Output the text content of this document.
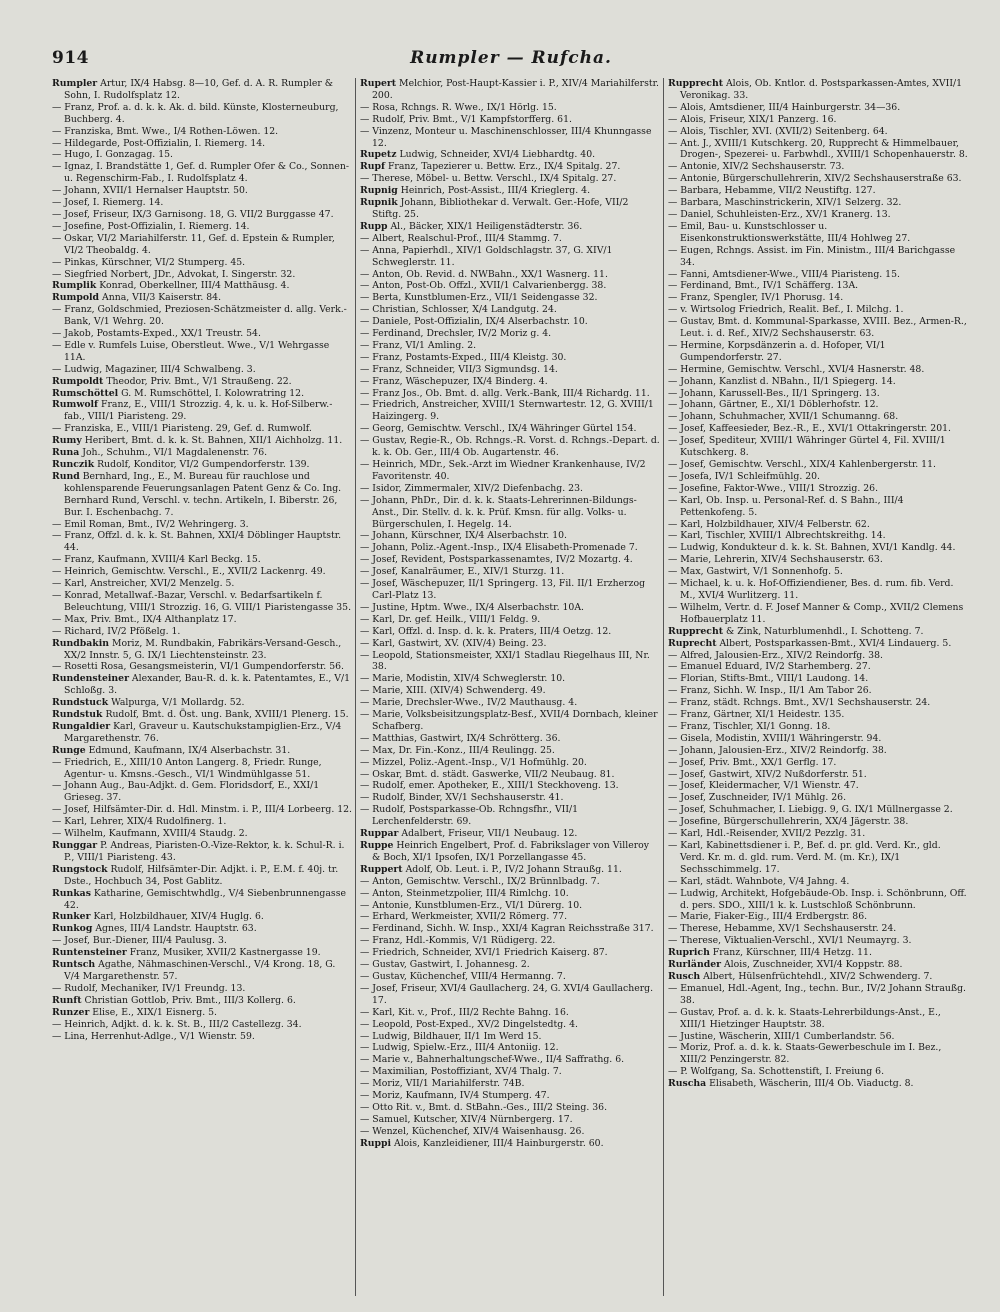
914	Rumpler — Rufcha.
Rumpler Artur, IX/4 Habsg. 8—10, Gef. d. A. R. Rumpler & Sohn, I. Rudolfsplatz 12.
— Franz, Prof. a. d. k. k. Ak. d. bild. Künste, Klosterneuburg, Buchberg. 4.
— Franziska, Bmt. Wwe., I/4 Rothen-Löwen. 12.
— Hildegarde, Post-Offizialin, I. Riemerg. 14.
— Hugo, I. Gonzagag. 15.
— Ignaz, I. Brandstätte 1, Gef. d. Rumpler Ofer & Co., Sonnen- u. Regenschirm-Fab., I. Rudolfsplatz 4.
— Johann, XVII/1 Hernalser Hauptstr. 50.
— Josef, I. Riemerg. 14.
— Josef, Friseur, IX/3 Garnisong. 18, G. VII/2 Burggasse 47.
— Josefine, Post-Offizialin, I. Riemerg. 14.
— Oskar, VI/2 Mariahilferstr. 11, Gef. d. Epstein & Rumpler, VI/2 Theobaldg. 4.
— Pinkas, Kürschner, VI/2 Stumperg. 45.
— Siegfried Norbert, JDr., Advokat, I. Singerstr. 32.
Rumplik Konrad, Oberkellner, III/4 Matthäusg. 4.
Rumpold Anna, VII/3 Kaiserstr. 84.
— Franz, Goldschmied, Preziosen-Schätzmeister d. allg. Verk.-Bank, V/1 Wehrg. 20.
— Jakob, Postamts-Exped., XX/1 Treustr. 54.
— Edle v. Rumfels Luise, Oberstleut. Wwe., V/1 Wehrgasse 11A.
— Ludwig, Magaziner, III/4 Schwalbeng. 3.
Rumpoldt Theodor, Priv. Bmt., V/1 Straußeng. 22.
Rumschöttel G. M. Rumschöttel, I. Kolowratring 12.
Rumwolf Franz, E., VIII/1 Strozzig. 4, k. u. k. Hof-Silberw.-fab., VIII/1 Piaristeng. 29.
— Franziska, E., VIII/1 Piaristeng. 29, Gef. d. Rumwolf.
Rumy Heribert, Bmt. d. k. k. St. Bahnen, XII/1 Aichholzg. 11.
Runa Joh., Schuhm., VI/1 Magdalenenstr. 76.
Runczik Rudolf, Konditor, VI/2 Gumpendorferstr. 139.
Rund Bernhard, Ing., E., M. Bureau für rauchlose und kohlensparende Feuerungsanlagen Patent Genz & Co. Ing. Bernhard Rund, Verschl. v. techn. Artikeln, I. Biberstr. 26, Bur. I. Eschenbachg. 7.
— Emil Roman, Bmt., IV/2 Wehringerg. 3.
— Franz, Offzl. d. k. k. St. Bahnen, XXI/4 Döblinger Hauptstr. 44.
— Franz, Kaufmann, XVIII/4 Karl Beckg. 15.
— Heinrich, Gemischtw. Verschl., E., XVII/2 Lackenrg. 49.
— Karl, Anstreicher, XVI/2 Menzelg. 5.
— Konrad, Metallwaf.-Bazar, Verschl. v. Bedarfsartikeln f. Beleuchtung, VIII/1 Strozzig. 16, G. VIII/1 Piaristengasse 35.
— Max, Priv. Bmt., IX/4 Althanplatz 17.
— Richard, IV/2 Pfößelg. 1.
Rundbakin Moriz, M. Rundbakin, Fabrikärs-Versand-Gesch., XX/2 Innstr. 5, G. IX/1 Liechtensteinstr. 23.
— Rosetti Rosa, Gesangsmeisterin, VI/1 Gumpendorferstr. 56.
Rundensteiner Alexander, Bau-R. d. k. k. Patentamtes, E., V/1 Schloßg. 3.
Rundstuck Walpurga, V/1 Mollardg. 52.
Rundstuk Rudolf, Bmt. d. Öst. ung. Bank, XVIII/1 Plenerg. 15.
Rungaldier Karl, Graveur u. Kautschukstampiglien-Erz., V/4 Margarethenstr. 76.
Runge Edmund, Kaufmann, IX/4 Alserbachstr. 31.
— Friedrich, E., XIII/10 Anton Langerg. 8, Friedr. Runge, Agentur- u. Kmsns.-Gesch., VI/1 Windmühlgasse 51.
— Johann Aug., Bau-Adjkt. d. Gem. Floridsdorf, E., XXI/1 Grieseg. 37.
— Josef, Hilfsämter-Dir. d. Hdl. Minstm. i. P., III/4 Lorbeerg. 12.
— Karl, Lehrer, XIX/4 Rudolfinerg. 1.
— Wilhelm, Kaufmann, XVIII/4 Staudg. 2.
Runggar P. Andreas, Piaristen-O.-Vize-Rektor, k. k. Schul-R. i. P., VIII/1 Piaristeng. 43.
Rungstock Rudolf, Hilfsämter-Dir. Adjkt. i. P., E.M. f. 40j. tr. Dste., Hochbuch 34, Post Gablitz.
Runkas Katharine, Gemischtwhdlg., V/4 Siebenbrunnengasse 42.
Runker Karl, Holzbildhauer, XIV/4 Huglg. 6.
Runkog Agnes, III/4 Landstr. Hauptstr. 63.
— Josef, Bur.-Diener, III/4 Paulusg. 3.
Runtensteiner Franz, Musiker, XVII/2 Kastnergasse 19.
Runtsch Agathe, Nähmaschinen-Verschl., V/4 Krong. 18, G. V/4 Margarethenstr. 57.
— Rudolf, Mechaniker, IV/1 Freundg. 13.
Runft Christian Gottlob, Priv. Bmt., III/3 Kollerg. 6.
Runzer Elise, E., XIX/1 Eisnerg. 5.
— Heinrich, Adjkt. d. k. k. St. B., III/2 Castellezg. 34.
— Lina, Herrenhut-Adlge., V/1 Wienstr. 59.
Rupert Melchior, Post-Haupt-Kassier i. P., XIV/4 Mariahilferstr. 200.
— Rosa, Rchngs. R. Wwe., IX/1 Hörlg. 15.
— Rudolf, Priv. Bmt., V/1 Kampfstorfferg. 61.
— Vinzenz, Monteur u. Maschinenschlosser, III/4 Khunngasse 12.
Rupetz Ludwig, Schneider, XVI/4 Liebhardtg. 40.
Rupf Franz, Tapezierer u. Bettw. Erz., IX/4 Spitalg. 27.
— Therese, Möbel- u. Bettw. Verschl., IX/4 Spitalg. 27.
Rupnig Heinrich, Post-Assist., III/4 Krieglerg. 4.
Rupnik Johann, Bibliothekar d. Verwalt. Ger.-Hofe, VII/2 Stiftg. 25.
Rupp Al., Bäcker, XIX/1 Heiligenstädterstr. 36.
— Albert, Realschul-Prof., III/4 Stammg. 7.
— Anna, Papierhdl., XIV/1 Goldschlagstr. 37, G. XIV/1 Schweglerstr. 11.
— Anton, Ob. Revid. d. NWBahn., XX/1 Wasnerg. 11.
— Anton, Post-Ob. Offzl., XVII/1 Calvarienbergg. 38.
— Berta, Kunstblumen-Erz., VII/1 Seidengasse 32.
— Christian, Schlosser, X/4 Landgutg. 24.
— Daniele, Post-Offizialin, IX/4 Alserbachstr. 10.
— Ferdinand, Drechsler, IV/2 Moriz g. 4.
— Franz, VI/1 Amling. 2.
— Franz, Postamts-Exped., III/4 Kleistg. 30.
— Franz, Schneider, VII/3 Sigmundsg. 14.
— Franz, Wäschepuzer, IX/4 Binderg. 4.
— Franz Jos., Ob. Bmt. d. allg. Verk.-Bank, III/4 Richardg. 11.
— Friedrich, Anstreicher, XVIII/1 Sternwartestr. 12, G. XVIII/1 Haizingerg. 9.
— Georg, Gemischtw. Verschl., IX/4 Währinger Gürtel 154.
— Gustav, Regie-R., Ob. Rchngs.-R. Vorst. d. Rchngs.-Depart. d. k. k. Ob. Ger., III/4 Ob. Augartenstr. 46.
— Heinrich, MDr., Sek.-Arzt im Wiedner Krankenhause, IV/2 Favoritenstr. 40.
— Isidor, Zimmermaler, XIV/2 Diefenbachg. 23.
— Johann, PhDr., Dir. d. k. k. Staats-Lehrerinnen-Bildungs-Anst., Dir. Stellv. d. k. k. Prüf. Kmsn. für allg. Volks- u. Bürgerschulen, I. Hegelg. 14.
— Johann, Kürschner, IX/4 Alserbachstr. 10.
— Johann, Poliz.-Agent.-Insp., IX/4 Elisabeth-Promenade 7.
— Josef, Revident, Postsparkassenamtes, IV/2 Mozartg. 4.
— Josef, Kanalräumer, E., XIV/1 Sturzg. 11.
— Josef, Wäschepuzer, II/1 Springerg. 13, Fil. II/1 Erzherzog Carl-Platz 13.
— Justine, Hptm. Wwe., IX/4 Alserbachstr. 10A.
— Karl, Dr. gef. Heilk., VIII/1 Feldg. 9.
— Karl, Offzl. d. Insp. d. k. k. Praters, III/4 Oetzg. 12.
— Karl, Gastwirt, XV. (XIV/4) Being. 23.
— Leopold, Stationsmeister, XXI/1 Stadlau Riegelhaus III, Nr. 38.
— Marie, Modistin, XIV/4 Schweglerstr. 10.
— Marie, XIII. (XIV/4) Schwenderg. 49.
— Marie, Drechsler-Wwe., IV/2 Mauthausg. 4.
— Marie, Volksbeisitzungsplatz-Besf., XVII/4 Dornbach, kleiner Schafberg.
— Matthias, Gastwirt, IX/4 Schrötterg. 36.
— Max, Dr. Fin.-Konz., III/4 Reulingg. 25.
— Mizzel, Poliz.-Agent.-Insp., V/1 Hofmühlg. 20.
— Oskar, Bmt. d. städt. Gaswerke, VII/2 Neubaug. 81.
— Rudolf, emer. Apotheker, E., XIII/1 Steckhoveng. 13.
— Rudolf, Binder, XV/1 Sechshauserstr. 41.
— Rudolf, Postsparkasse-Ob. Rchngsfhr., VII/1 Lerchenfelderstr. 69.
Ruppar Adalbert, Friseur, VII/1 Neubaug. 12.
Ruppe Heinrich Engelbert, Prof. d. Fabrikslager von Villeroy & Boch, XI/1 Ipsofen, IX/1 Porzellangasse 45.
Ruppert Adolf, Ob. Leut. i. P., IV/2 Johann Straußg. 11.
— Anton, Gemischtw. Verschl., IX/2 Brünnlbadg. 7.
— Anton, Steinmetzpolier, III/4 Rimlchg. 10.
— Antonie, Kunstblumen-Erz., VI/1 Dürerg. 10.
— Erhard, Werkmeister, XVII/2 Römerg. 77.
— Ferdinand, Sichh. W. Insp., XXI/4 Kagran Reichsstraße 317.
— Franz, Hdl.-Kommis, V/1 Rüdigerg. 22.
— Friedrich, Schneider, XVI/1 Friedrich Kaiserg. 87.
— Gustav, Gastwirt, I. Johannesg. 2.
— Gustav, Küchenchef, VIII/4 Hermanng. 7.
— Josef, Friseur, XVI/4 Gaullacherg. 24, G. XVI/4 Gaullacherg. 17.
— Karl, Kit. v., Prof., III/2 Rechte Bahng. 16.
— Leopold, Post-Exped., XV/2 Dingelstedtg. 4.
— Ludwig, Bildhauer, II/1 Im Werd 15.
— Ludwig, Spielw.-Erz., III/4 Antoniig. 12.
— Marie v., Bahnerhaltungschef-Wwe., II/4 Saffrathg. 6.
— Maximilian, Postoffiziant, XV/4 Thalg. 7.
— Moriz, VII/1 Mariahilferstr. 74B.
— Moriz, Kaufmann, IV/4 Stumperg. 47.
— Otto Rit. v., Bmt. d. StBahn.-Ges., III/2 Steing. 36.
— Samuel, Kutscher, XIV/4 Nürnbergerg. 17.
— Wenzel, Küchenchef, XIV/4 Waisenhausg. 26.
Ruppi Alois, Kanzleidiener, III/4 Hainburgerstr. 60.
Rupprecht Alois, Ob. Kntlor. d. Postsparkassen-Amtes, XVII/1 Veronikag. 33.
— Alois, Amtsdiener, III/4 Hainburgerstr. 34—36.
— Alois, Friseur, XIX/1 Panzerg. 16.
— Alois, Tischler, XVI. (XVII/2) Seitenberg. 64.
— Ant. J., XVIII/1 Kutschkerg. 20, Rupprecht & Himmelbauer, Drogen-, Spezerei- u. Farbwhdl., XVIII/1 Schopenhauerstr. 8.
— Antonie, XIV/2 Sechshauserstr. 73.
— Antonie, Bürgerschullehrerin, XIV/2 Sechshauserstraße 63.
— Barbara, Hebamme, VII/2 Neustiftg. 127.
— Barbara, Maschinstrickerin, XIV/1 Selzerg. 32.
— Daniel, Schuhleisten-Erz., XV/1 Kranerg. 13.
— Emil, Bau- u. Kunstschlosser u. Eisenkonstruktionswerkstätte, III/4 Hohlweg 27.
— Eugen, Rchngs. Assist. im Fin. Ministm., III/4 Barichgasse 34.
— Fanni, Amtsdiener-Wwe., VIII/4 Piaristeng. 15.
— Ferdinand, Bmt., IV/1 Schäfferg. 13A.
— Franz, Spengler, IV/1 Phorusg. 14.
— v. Wirtsolog Friedrich, Realit. Bef., I. Milchg. 1.
— Gustav, Bmt. d. Kommunal-Sparkasse, XVIII. Bez., Armen-R., Leut. i. d. Ref., XIV/2 Sechshauserstr. 63.
— Hermine, Korpsdänzerin a. d. Hofoper, VI/1 Gumpendorferstr. 27.
— Hermine, Gemischtw. Verschl., XVI/4 Hasnerstr. 48.
— Johann, Kanzlist d. NBahn., II/1 Spiegerg. 14.
— Johann, Karussell-Bes., II/1 Springerg. 13.
— Johann, Gärtner, E., XI/1 Döblerhofstr. 12.
— Johann, Schuhmacher, XVII/1 Schumanng. 68.
— Josef, Kaffeesieder, Bez.-R., E., XVI/1 Ottakringerstr. 201.
— Josef, Spediteur, XVIII/1 Währinger Gürtel 4, Fil. XVIII/1 Kutschkerg. 8.
— Josef, Gemischtw. Verschl., XIX/4 Kahlenbergerstr. 11.
— Josefa, IV/1 Schleifmühlg. 20.
— Josefine, Faktor-Wwe., VIII/1 Strozzig. 26.
— Karl, Ob. Insp. u. Personal-Ref. d. S Bahn., III/4 Pettenkofeng. 5.
— Karl, Holzbildhauer, XIV/4 Felberstr. 62.
— Karl, Tischler, XVIII/1 Albrechtskreithg. 14.
— Ludwig, Kondukteur d. k. k. St. Bahnen, XVI/1 Kandlg. 44.
— Marie, Lehrerin, XIV/4 Sechshauserstr. 63.
— Max, Gastwirt, V/1 Sonnenhofg. 5.
— Michael, k. u. k. Hof-Offiziendiener, Bes. d. rum. fib. Verd. M., XVI/4 Wurlitzerg. 11.
— Wilhelm, Vertr. d. F. Josef Manner & Comp., XVII/2 Clemens Hofbauerplatz 11.
Rupprecht & Zink, Naturblumenhdl., I. Schotteng. 7.
Ruprecht Albert, Postsparkassen-Bmt., XVI/4 Lindauerg. 5.
— Alfred, Jalousien-Erz., XIV/2 Reindorfg. 38.
— Emanuel Eduard, IV/2 Starhemberg. 27.
— Florian, Stifts-Bmt., VIII/1 Laudong. 14.
— Franz, Sichh. W. Insp., II/1 Am Tabor 26.
— Franz, städt. Rchngs. Bmt., XV/1 Sechshauserstr. 24.
— Franz, Gärtner, XI/1 Heidestr. 135.
— Franz, Tischler, XI/1 Gonng. 18.
— Gisela, Modistin, XVIII/1 Währingerstr. 94.
— Johann, Jalousien-Erz., XIV/2 Reindorfg. 38.
— Josef, Priv. Bmt., XX/1 Gerflg. 17.
— Josef, Gastwirt, XIV/2 Nußdorferstr. 51.
— Josef, Kleidermacher, V/1 Wienstr. 47.
— Josef, Zuschneider, IV/1 Mühlg. 26.
— Josef, Schuhmacher, I. Liebigg. 9, G. IX/1 Müllnergasse 2.
— Josefine, Bürgerschullehrerin, XX/4 Jägerstr. 38.
— Karl, Hdl.-Reisender, XVII/2 Pezzlg. 31.
— Karl, Kabinettsdiener i. P., Bef. d. pr. gld. Verd. Kr., gld. Verd. Kr. m. d. gld. rum. Verd. M. (m. Kr.), IX/1 Sechsschimmelg. 17.
— Karl, städt. Wahnbote, V/4 Jahng. 4.
— Ludwig, Architekt, Hofgebäude-Ob. Insp. i. Schönbrunn, Off. d. pers. SDO., XIII/1 k. k. Lustschloß Schönbrunn.
— Marie, Fiaker-Eig., III/4 Erdbergstr. 86.
— Therese, Hebamme, XV/1 Sechshauserstr. 24.
— Therese, Viktualien-Verschl., XVI/1 Neumayrg. 3.
Ruprich Franz, Kürschner, III/4 Hetzg. 11.
Rurländer Alois, Zuschneider, XVI/4 Koppstr. 88.
Rusch Albert, Hülsenfrüchtehdl., XIV/2 Schwenderg. 7.
— Emanuel, Hdl.-Agent, Ing., techn. Bur., IV/2 Johann Straußg. 38.
— Gustav, Prof. a. d. k. k. Staats-Lehrerbildungs-Anst., E., XIII/1 Hietzinger Hauptstr. 38.
— Justine, Wäscherin, XIII/1 Cumberlandstr. 56.
— Moriz, Prof. a. d. k. k. Staats-Gewerbeschule im I. Bez., XIII/2 Penzingerstr. 82.
— P. Wolfgang, Sa. Schottenstift, I. Freiung 6.
Ruscha Elisabeth, Wäscherin, III/4 Ob. Viaductg. 8.
